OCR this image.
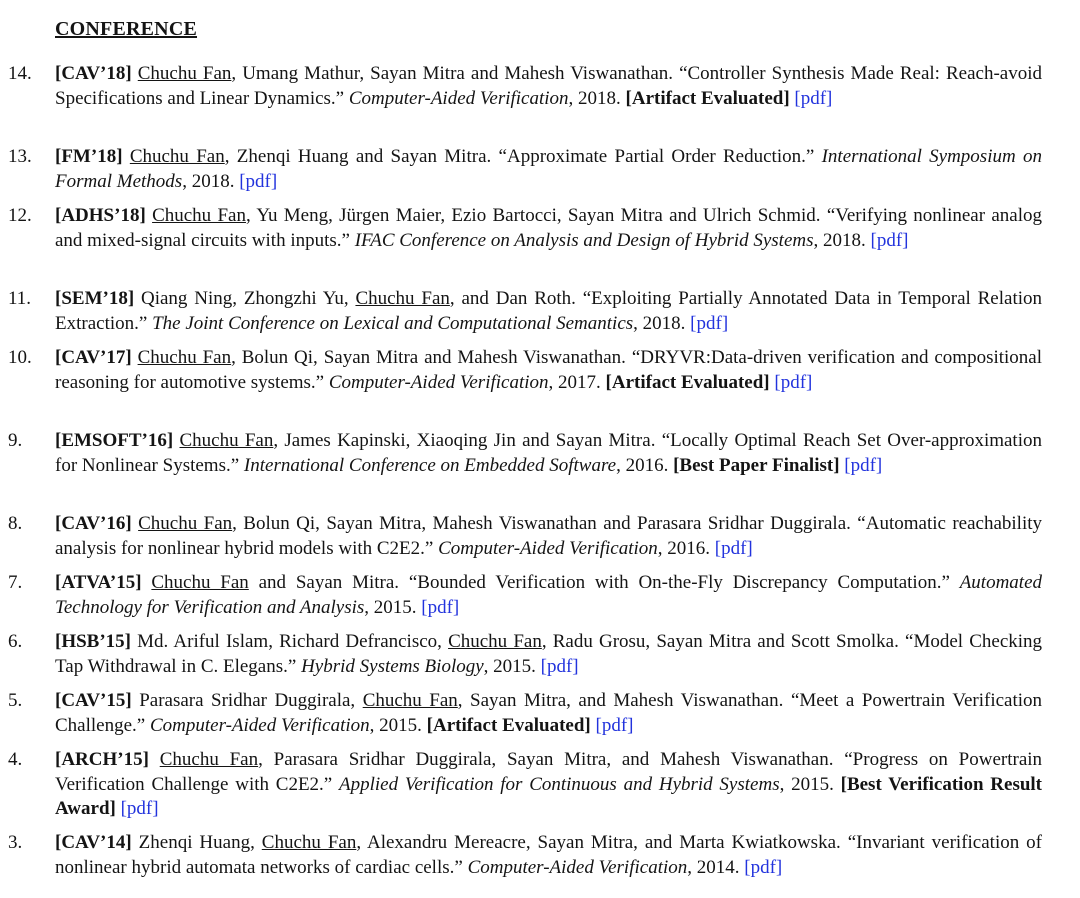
CONFERENCE
14.	[CAV’18] Chuchu Fan, Umang Mathur, Sayan Mitra and Mahesh Viswanathan. “Controller Synthesis Made Real: Reach-avoid Specifications and Linear Dynamics.” Computer-Aided Verification, 2018. [Artifact Evaluated] [pdf]
13.	[FM’18] Chuchu Fan, Zhenqi Huang and Sayan Mitra. “Approximate Partial Order Reduction.” International Symposium on Formal Methods, 2018. [pdf]
12.	[ADHS’18] Chuchu Fan, Yu Meng, Jürgen Maier, Ezio Bartocci, Sayan Mitra and Ulrich Schmid. “Verifying nonlinear analog and mixed-signal circuits with inputs.” IFAC Conference on Analysis and Design of Hybrid Systems, 2018. [pdf]
11.	[SEM’18] Qiang Ning, Zhongzhi Yu, Chuchu Fan, and Dan Roth. “Exploiting Partially Annotated Data in Temporal Relation Extraction.” The Joint Conference on Lexical and Computational Semantics, 2018. [pdf]
10.	[CAV’17] Chuchu Fan, Bolun Qi, Sayan Mitra and Mahesh Viswanathan. “DRYVR:Data-driven verification and compositional reasoning for automotive systems.” Computer-Aided Verification, 2017. [Artifact Evaluated] [pdf]
9.	[EMSOFT’16] Chuchu Fan, James Kapinski, Xiaoqing Jin and Sayan Mitra. “Locally Optimal Reach Set Over-approximation for Nonlinear Systems.” International Conference on Embedded Software, 2016. [Best Paper Finalist] [pdf]
8.	[CAV’16] Chuchu Fan, Bolun Qi, Sayan Mitra, Mahesh Viswanathan and Parasara Sridhar Duggirala. “Automatic reachability analysis for nonlinear hybrid models with C2E2.” Computer-Aided Verification, 2016. [pdf]
7.	[ATVA’15] Chuchu Fan and Sayan Mitra. “Bounded Verification with On-the-Fly Discrepancy Computation.” Automated Technology for Verification and Analysis, 2015. [pdf]
6.	[HSB’15] Md. Ariful Islam, Richard Defrancisco, Chuchu Fan, Radu Grosu, Sayan Mitra and Scott Smolka. “Model Checking Tap Withdrawal in C. Elegans.” Hybrid Systems Biology, 2015. [pdf]
5.	[CAV’15] Parasara Sridhar Duggirala, Chuchu Fan, Sayan Mitra, and Mahesh Viswanathan. “Meet a Powertrain Verification Challenge.” Computer-Aided Verification, 2015. [Artifact Evaluated] [pdf]
4.	[ARCH’15] Chuchu Fan, Parasara Sridhar Duggirala, Sayan Mitra, and Mahesh Viswanathan. “Progress on Powertrain Verification Challenge with C2E2.” Applied Verification for Continuous and Hybrid Systems, 2015. [Best Verification Result Award] [pdf]
3.	[CAV’14] Zhenqi Huang, Chuchu Fan, Alexandru Mereacre, Sayan Mitra, and Marta Kwiatkowska. “Invariant verification of nonlinear hybrid automata networks of cardiac cells.” Computer-Aided Verification, 2014. [pdf]
